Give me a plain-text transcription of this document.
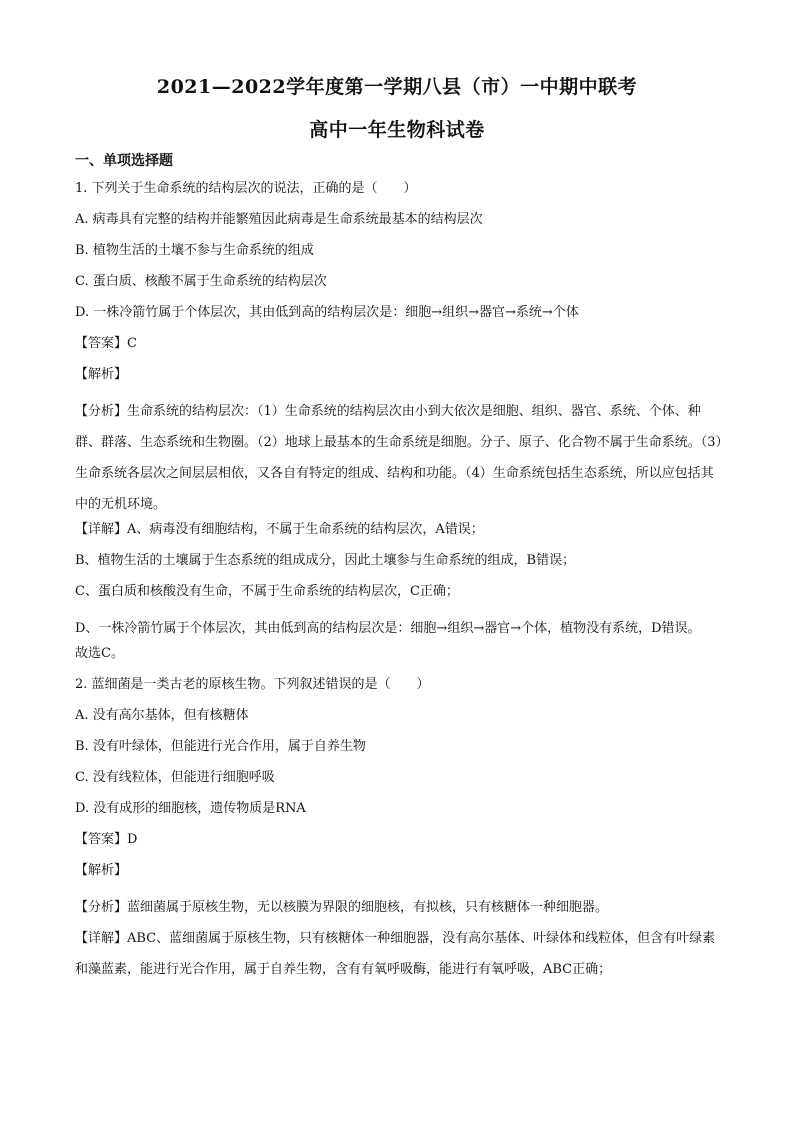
2021—2022学年度第一学期八县（市）一中期中联考
高中一年生物科试卷
一、单项选择题
1. 下列关于生命系统的结构层次的说法，正确的是（　　）
A. 病毒具有完整的结构并能繁殖因此病毒是生命系统最基本的结构层次
B. 植物生活的土壤不参与生命系统的组成
C. 蛋白质、核酸不属于生命系统的结构层次
D. 一株冷箭竹属于个体层次，其由低到高的结构层次是：细胞→组织→器官→系统→个体
【答案】C
【解析】

【分析】生命系统的结构层次：（1）生命系统的结构层次由小到大依次是细胞、组织、器官、系统、个体、种群、群落、生态系统和生物圈。（2）地球上最基本的生命系统是细胞。分子、原子、化合物不属于生命系统。（3）生命系统各层次之间层层相依，又各自有特定的组成、结构和功能。（4）生命系统包括生态系统，所以应包括其中的无机环境。

【详解】A、病毒没有细胞结构，不属于生命系统的结构层次，A错误；
B、植物生活的土壤属于生态系统的组成成分，因此土壤参与生命系统的组成，B错误；
C、蛋白质和核酸没有生命，不属于生命系统的结构层次，C正确；

D、一株冷箭竹属于个体层次，其由低到高的结构层次是：细胞→组织→器官→个体，植物没有系统，D错误。

故选C。
2. 蓝细菌是一类古老的原核生物。下列叙述错误的是（　　）
A. 没有高尔基体，但有核糖体
B. 没有叶绿体，但能进行光合作用，属于自养生物
C. 没有线粒体，但能进行细胞呼吸
D. 没有成形的细胞核，遗传物质是RNA
【答案】D
【解析】

【分析】蓝细菌属于原核生物，无以核膜为界限的细胞核，有拟核，只有核糖体一种细胞器。

【详解】ABC、蓝细菌属于原核生物，只有核糖体一种细胞器，没有高尔基体、叶绿体和线粒体，但含有叶绿素和藻蓝素，能进行光合作用，属于自养生物，含有有氧呼吸酶，能进行有氧呼吸，ABC正确；
